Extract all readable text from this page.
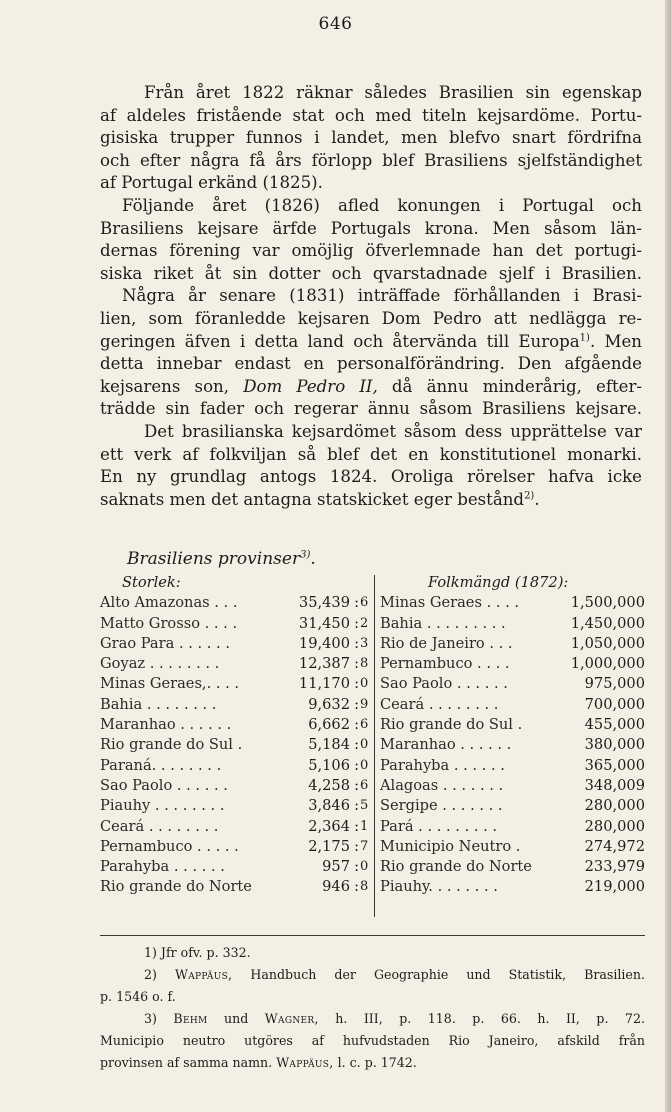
646
Från året 1822 räknar således Brasilien sin egenskap
af aldeles fristående stat och med titeln kejsardöme. Portu-
gisiska trupper funnos i landet, men blefvo snart fördrifna
och efter några få års förlopp blef Brasiliens sjelfständighet
af Portugal erkänd (1825).
Följande året (1826) afled konungen i Portugal och
Brasiliens kejsare ärfde Portugals krona. Men såsom län-
dernas förening var omöjlig öfverlemnade han det portugi-
siska riket åt sin dotter och qvarstadnade sjelf i Brasilien.
Några år senare (1831) inträffade förhållanden i Brasi-
lien, som föranledde kejsaren Dom Pedro att nedlägga re-
geringen äfven i detta land och återvända till Europa$^{1)}$. Men
detta innebar endast en personalförändring. Den afgående
kejsarens son, Dom Pedro II, då ännu minderårig, efter-
trädde sin fader och regerar ännu såsom Brasiliens kejsare.
Det brasilianska kejsardömet såsom dess upprättelse var
ett verk af folkviljan så blef det en konstitutionel monarki.
En ny grundlag antogs 1824. Oroliga rörelser hafva icke
saknats men det antagna statskicket eger bestånd$^{2)}$.
Brasiliens provinser$^{3)}$.
Storlek:
Alto Amazonas . . .	35,439 : 6
Matto Grosso . . . .	31,450 : 2
Grao Para . . . . . .	19,400 : 3
Goyaz . . . . . . . .	12,387 : 8
Minas Geraes,. . . .	11,170 : 0
Bahia . . . . . . . .	9,632 : 9
Maranhao . . . . . .	6,662 : 6
Rio grande do Sul .	5,184 : 0
Paraná. . . . . . . .	5,106 : 0
Sao Paolo . . . . . .	4,258 : 6
Piauhy . . . . . . . .	3,846 : 5
Ceará . . . . . . . .	2,364 : 1
Pernambuco . . . . .	2,175 : 7
Parahyba . . . . . .	957 : 0
Rio grande do Norte	946 : 8
Folkmängd (1872):
Minas Geraes . . . .	1,500,000
Bahia . . . . . . . . .	1,450,000
Rio de Janeiro . . .	1,050,000
Pernambuco . . . .	1,000,000
Sao Paolo . . . . . .	975,000
Ceará . . . . . . . .	700,000
Rio grande do Sul .	455,000
Maranhao . . . . . .	380,000
Parahyba . . . . . .	365,000
Alagoas . . . . . . .	348,009
Sergipe . . . . . . .	280,000
Pará . . . . . . . . .	280,000
Municipio Neutro .	274,972
Rio grande do Norte	233,979
Piauhy. . . . . . . .	219,000
1) Jfr ofv. p. 332.
2) Wappäus, Handbuch der Geographie und Statistik, Brasilien.
p. 1546 o. f.
3) Behm und Wagner, h. III, p. 118. p. 66. h. II, p. 72.
Municipio neutro utgöres af hufvudstaden Rio Janeiro, afskild från
provinsen af samma namn. Wappäus, l. c. p. 1742.
